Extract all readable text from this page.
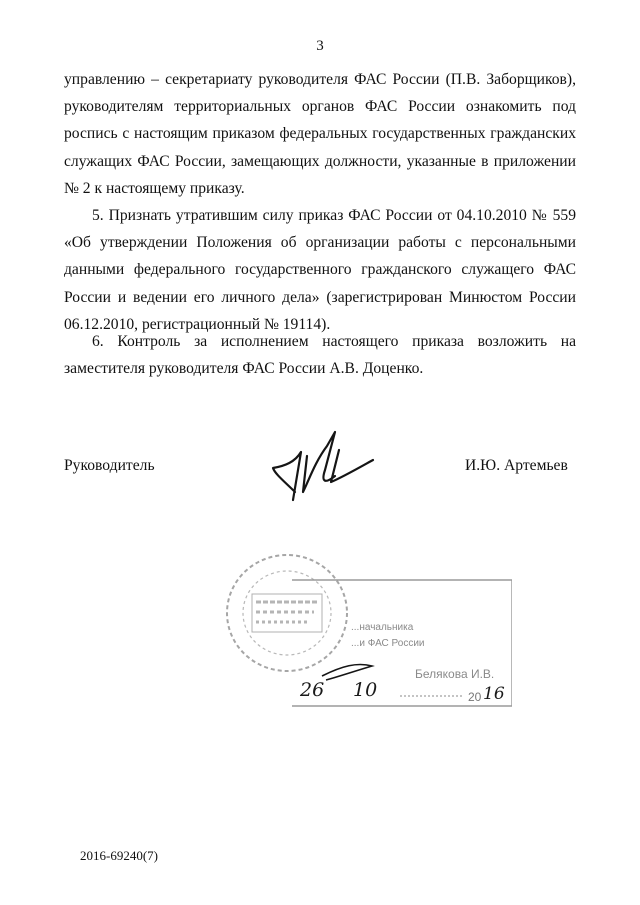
3

управлению – секретариату руководителя ФАС России (П.В. Заборщиков), руководителям территориальных органов ФАС России ознакомить под роспись с настоящим приказом федеральных государственных гражданских служащих ФАС России, замещающих должности, указанные в приложении № 2 к настоящему приказу.

5. Признать утратившим силу приказ ФАС России от 04.10.2010 № 559 «Об утверждении Положения об организации работы с персональными данными федерального государственного гражданского служащего ФАС России и ведении его личного дела» (зарегистрирован Минюстом России 06.12.2010, регистрационный № 19114).

6. Контроль за исполнением настоящего приказа возложить на заместителя руководителя ФАС России А.В. Доценко.

Руководитель	И.Ю. Артемьев
...начальника
...и ФАС России
Белякова И.В.
20
26 10	16
2016-69240(7)
